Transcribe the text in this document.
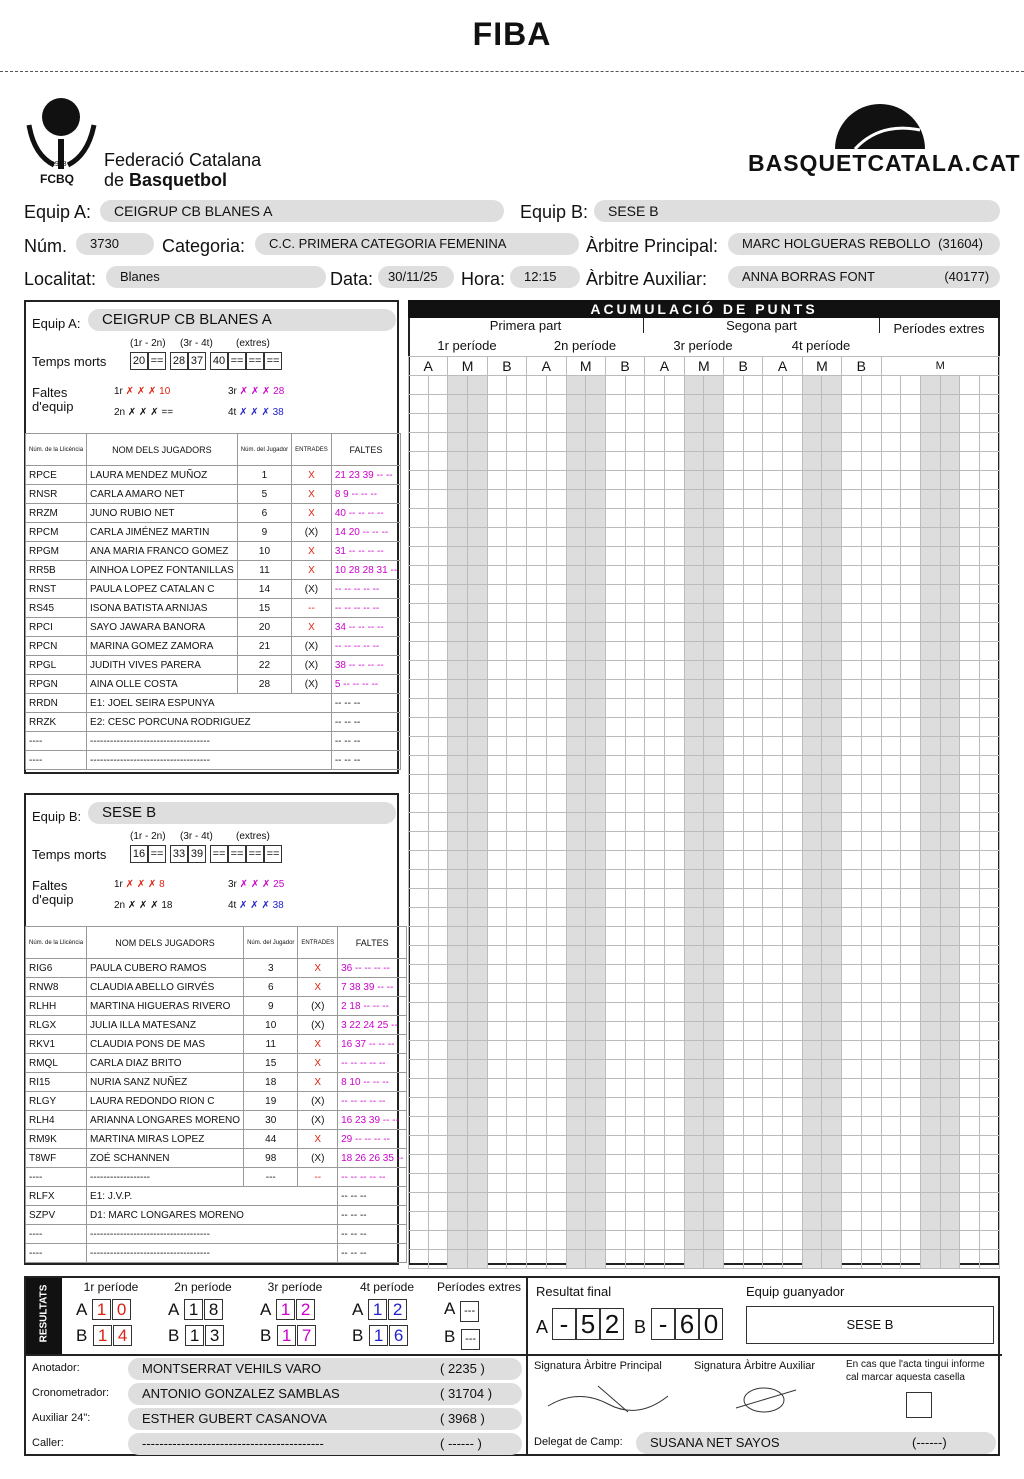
FIBA
1923
FCBQ
Federació Catalana
de Basquetbol
BASQUETCATALA.CAT
Equip A:	CEIGRUP CB BLANES A	Equip B:	SESE B
Núm.	3730	Categoria:	C.C. PRIMERA CATEGORIA FEMENINA	Àrbitre Principal:	MARC HOLGUERAS REBOLLO (31604)
Localitat:	Blanes	Data:	30/11/25	Hora:	12:15	Àrbitre Auxiliar:	ANNA BORRAS FONT	(40177)
Equip A:	CEIGRUP CB BLANES A
(1r - 2n) (3r - 4t) (extres)
Temps morts 20 == 28 37 40 == == ==
Faltes d'equip
1r ✗ ✗ ✗ 10
2n ✗ ✗ ✗ ==
3r ✗ ✗ ✗ 28
4t ✗ ✗ ✗ 38
Núm. de la Llicència	NOM DELS JUGADORS	Núm. del Jugador	ENTRADES	FALTES
RPCE	LAURA MENDEZ MUÑOZ	1	X	21 23 39 -- --
RNSR	CARLA AMARO NET	5	X	8 9 -- -- --
RRZM	JUNO RUBIO NET	6	X	40 -- -- -- --
RPCM	CARLA JIMÉNEZ MARTIN	9	(X)	14 20 -- -- --
RPGM	ANA MARIA FRANCO GOMEZ	10	X	31 -- -- -- --
RR5B	AINHOA LOPEZ FONTANILLAS	11	X	10 28 28 31 --
RNST	PAULA LOPEZ CATALAN C	14	(X)	-- -- -- -- --
RS45	ISONA BATISTA ARNIJAS	15	--	-- -- -- -- --
RPCI	SAYO JAWARA BANORA	20	X	34 -- -- -- --
RPCN	MARINA GOMEZ ZAMORA	21	(X)	-- -- -- -- --
RPGL	JUDITH VIVES PARERA	22	(X)	38 -- -- -- --
RPGN	AINA OLLE COSTA	28	(X)	5 -- -- -- --
RRDN	E1: JOEL SEIRA ESPUNYA			-- -- --
RRZK	E2: CESC PORCUNA RODRIGUEZ			-- -- --
----	------------------------------------			-- -- --
----	------------------------------------			-- -- --
Equip B:	SESE B
(1r - 2n) (3r - 4t) (extres)
Temps morts 16 == 33 39 == == == ==
Faltes d'equip
1r ✗ ✗ ✗ 8
2n ✗ ✗ ✗ 18
3r ✗ ✗ ✗ 25
4t ✗ ✗ ✗ 38
Núm. de la Llicència	NOM DELS JUGADORS	Núm. del Jugador	ENTRADES	FALTES
RIG6	PAULA CUBERO RAMOS	3	X	36 -- -- -- --
RNW8	CLAUDIA ABELLO GIRVÉS	6	X	7 38 39 -- --
RLHH	MARTINA HIGUERAS RIVERO	9	(X)	2 18 -- -- --
RLGX	JULIA ILLA MATESANZ	10	(X)	3 22 24 25 --
RKV1	CLAUDIA PONS DE MAS	11	X	16 37 -- -- --
RMQL	CARLA DIAZ BRITO	15	X	-- -- -- -- --
RI15	NURIA SANZ NUÑEZ	18	X	8 10 -- -- --
RLGY	LAURA REDONDO RION C	19	(X)	-- -- -- -- --
RLH4	ARIANNA LONGARES MORENO	30	(X)	16 23 39 -- --
RM9K	MARTINA MIRAS LOPEZ	44	X	29 -- -- -- --
T8WF	ZOÉ SCHANNEN	98	(X)	18 26 26 35 --
----	------------------	---	--	-- -- -- -- --
RLFX	E1: J.V.P.			-- -- --
SZPV	D1: MARC LONGARES MORENO			-- -- --
----	------------------------------------			-- -- --
----	------------------------------------			-- -- --
ACUMULACIÓ DE PUNTS
Primera part	Segona part	Períodes extres
1r període	2n període	3r període	4t període
A		M		B		A		M		B		A		M		B		A		M		B		M					

RESULTATS	1r període
A 1 0
B 1 4
2n període
A 1 8
B 1 3
3r període
A 1 2
B 1 7
4t període
A 1 2
B 1 6
Períodes extres
A ---
B ---
Resultat final	Equip guanyador
A - 5 2  B - 6 0	SESE B
Anotador:	MONTSERRAT VEHILS VARO	( 2235 )
Cronometrador:	ANTONIO GONZALEZ SAMBLAS	( 31704 )
Auxiliar 24":	ESTHER GUBERT CASANOVA	( 3968 )
Caller:	------------------------------------------	( ------ )
Signatura Àrbitre Principal	Signatura Àrbitre Auxiliar	En cas que l'acta tingui informe cal marcar aquesta casella
Delegat de Camp:	SUSANA NET SAYOS	(------)
